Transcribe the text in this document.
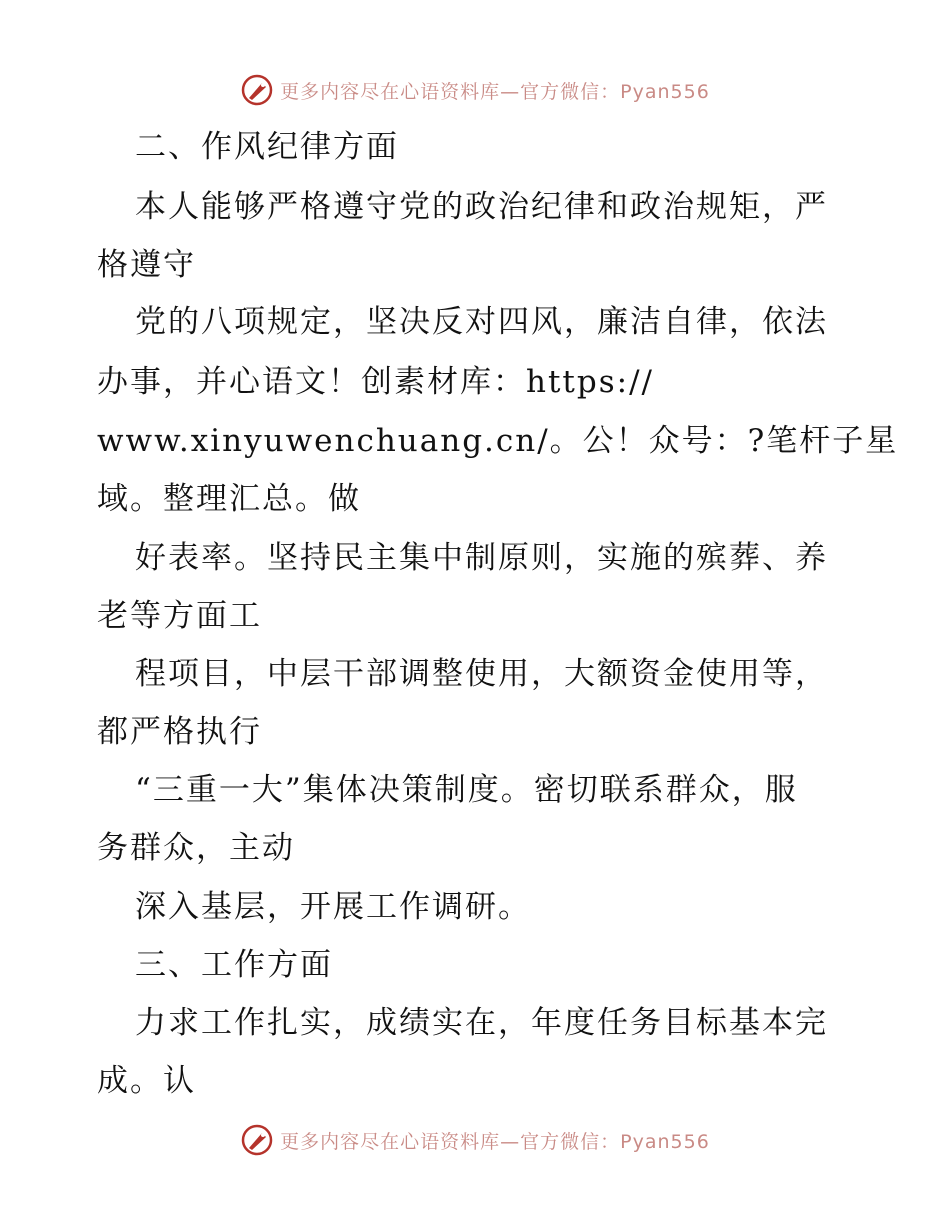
更多内容尽在心语资料库—官方微信：Pyan556
二、作风纪律方面
本人能够严格遵守党的政治纪律和政治规矩，严
格遵守
党的八项规定，坚决反对四风，廉洁自律，依法
办事，并心语文！创素材库：https://
www.xinyuwenchuang.cn/。公！众号：?笔杆子星
域。整理汇总。做
好表率。坚持民主集中制原则，实施的殡葬、养
老等方面工
程项目，中层干部调整使用，大额资金使用等，
都严格执行
“三重一大”集体决策制度。密切联系群众，服
务群众，主动
深入基层，开展工作调研。
三、工作方面
力求工作扎实，成绩实在，年度任务目标基本完
成。认
更多内容尽在心语资料库—官方微信：Pyan556
